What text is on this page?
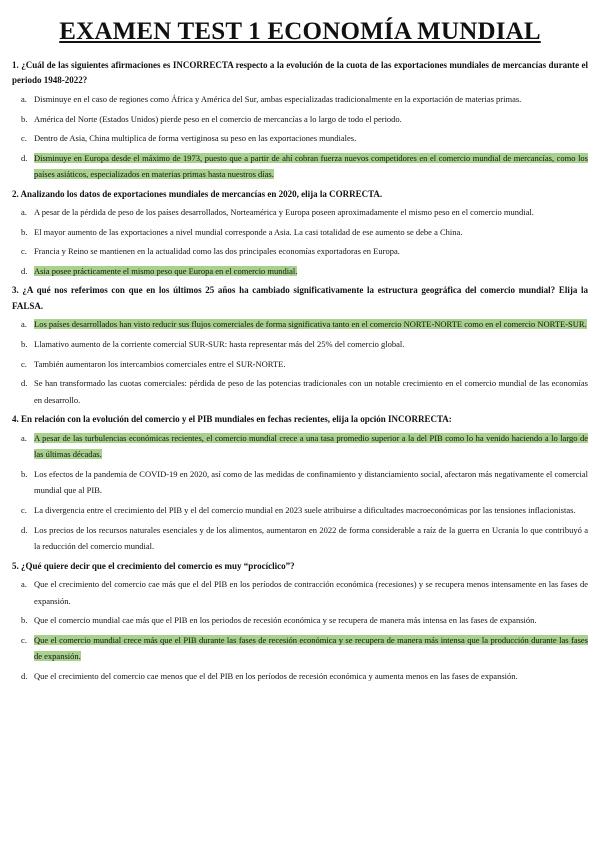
EXAMEN TEST 1 ECONOMÍA MUNDIAL

1. ¿Cuál de las siguientes afirmaciones es INCORRECTA respecto a la evolución de la cuota de las exportaciones mundiales de mercancías durante el periodo 1948-2022?

a. Disminuye en el caso de regiones como África y América del Sur, ambas especializadas tradicionalmente en la exportación de materias primas.
b. América del Norte (Estados Unidos) pierde peso en el comercio de mercancías a lo largo de todo el periodo.
c. Dentro de Asia, China multiplica de forma vertiginosa su peso en las exportaciones mundiales.
d. Disminuye en Europa desde el máximo de 1973, puesto que a partir de ahí cobran fuerza nuevos competidores en el comercio mundial de mercancías, como los países asiáticos, especializados en materias primas hasta nuestros días.

2. Analizando los datos de exportaciones mundiales de mercancías en 2020, elija la CORRECTA.

a. A pesar de la pérdida de peso de los países desarrollados, Norteamérica y Europa poseen aproximadamente el mismo peso en el comercio mundial.
b. El mayor aumento de las exportaciones a nivel mundial corresponde a Asia. La casi totalidad de ese aumento se debe a China.
c. Francia y Reino se mantienen en la actualidad como las dos principales economías exportadoras en Europa.
d. Asia posee prácticamente el mismo peso que Europa en el comercio mundial.

3. ¿A qué nos referimos con que en los últimos 25 años ha cambiado significativamente la estructura geográfica del comercio mundial? Elija la FALSA.

a. Los países desarrollados han visto reducir sus flujos comerciales de forma significativa tanto en el comercio NORTE-NORTE como en el comercio NORTE-SUR.
b. Llamativo aumento de la corriente comercial SUR-SUR: hasta representar más del 25% del comercio global.
c. También aumentaron los intercambios comerciales entre el SUR-NORTE.
d. Se han transformado las cuotas comerciales: pérdida de peso de las potencias tradicionales con un notable crecimiento en el comercio mundial de las economías en desarrollo.

4. En relación con la evolución del comercio y el PIB mundiales en fechas recientes, elija la opción INCORRECTA:

a. A pesar de las turbulencias económicas recientes, el comercio mundial crece a una tasa promedio superior a la del PIB como lo ha venido haciendo a lo largo de las últimas décadas.
b. Los efectos de la pandemia de COVID-19 en 2020, así como de las medidas de confinamiento y distanciamiento social, afectaron más negativamente el comercial mundial que al PIB.
c. La divergencia entre el crecimiento del PIB y el del comercio mundial en 2023 suele atribuirse a dificultades macroeconómicas por las tensiones inflacionistas.
d. Los precios de los recursos naturales esenciales y de los alimentos, aumentaron en 2022 de forma considerable a raíz de la guerra en Ucrania lo que contribuyó a la reducción del comercio mundial.

5. ¿Qué quiere decir que el crecimiento del comercio es muy “procíclico”?

a. Que el crecimiento del comercio cae más que el del PIB en los períodos de contracción económica (recesiones) y se recupera menos intensamente en las fases de expansión.
b. Que el comercio mundial cae más que el PIB en los periodos de recesión económica y se recupera de manera más intensa en las fases de expansión.
c. Que el comercio mundial crece más que el PIB durante las fases de recesión económica y se recupera de manera más intensa que la producción durante las fases de expansión.
d. Que el crecimiento del comercio cae menos que el del PIB en los períodos de recesión económica y aumenta menos en las fases de expansión.
